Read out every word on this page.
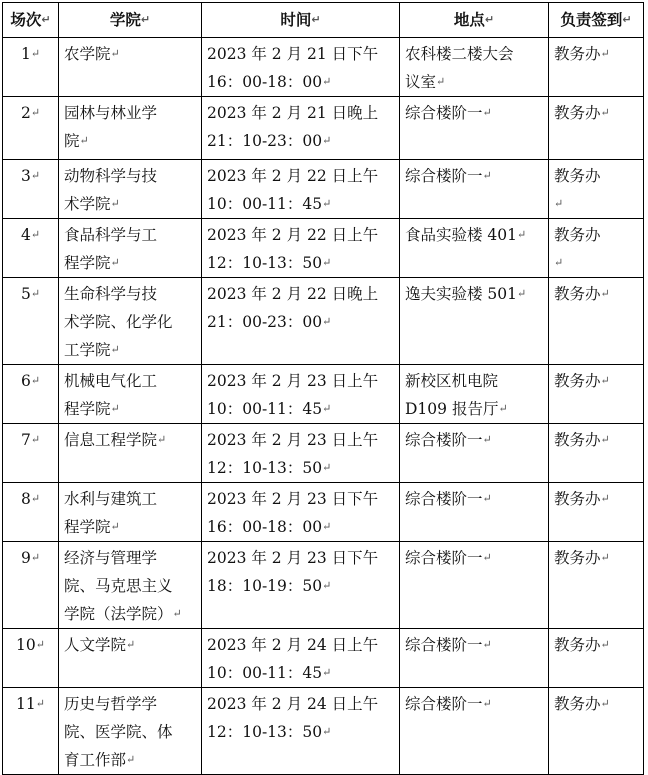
场次↵	学院↵	时间↵	地点↵	负责签到↵

1↵	农学院↵	2023 年 2 月 21 日下午
16：00-18：00↵	农科楼二楼大会
议室↵	教务办↵

2↵	园林与林业学
院↵	2023 年 2 月 21 日晚上
21：10-23：00↵	综合楼阶一↵	教务办↵

3↵	动物科学与技
术学院↵	2023 年 2 月 22 日上午
10：00-11：45↵	综合楼阶一↵	教务办
↵

4↵	食品科学与工
程学院↵	2023 年 2 月 22 日上午
12：10-13：50↵	食品实验楼 401↵	教务办
↵

5↵	生命科学与技
术学院、化学化
工学院↵	2023 年 2 月 22 日晚上
21：00-23：00↵	逸夫实验楼 501↵	教务办↵

6↵	机械电气化工
程学院↵	2023 年 2 月 23 日上午
10：00-11：45↵	新校区机电院
D109 报告厅↵	教务办↵

7↵	信息工程学院↵	2023 年 2 月 23 日上午
12：10-13：50↵	综合楼阶一↵	教务办↵

8↵	水利与建筑工
程学院↵	2023 年 2 月 23 日下午
16：00-18：00↵	综合楼阶一↵	教务办↵

9↵	经济与管理学
院、马克思主义
学院（法学院）↵	2023 年 2 月 23 日下午
18：10-19：50↵	综合楼阶一↵	教务办↵

10↵	人文学院↵	2023 年 2 月 24 日上午
10：00-11：45↵	综合楼阶一↵	教务办↵

11↵	历史与哲学学
院、医学院、体
育工作部↵	2023 年 2 月 24 日上午
12：10-13：50↵	综合楼阶一↵	教务办↵
